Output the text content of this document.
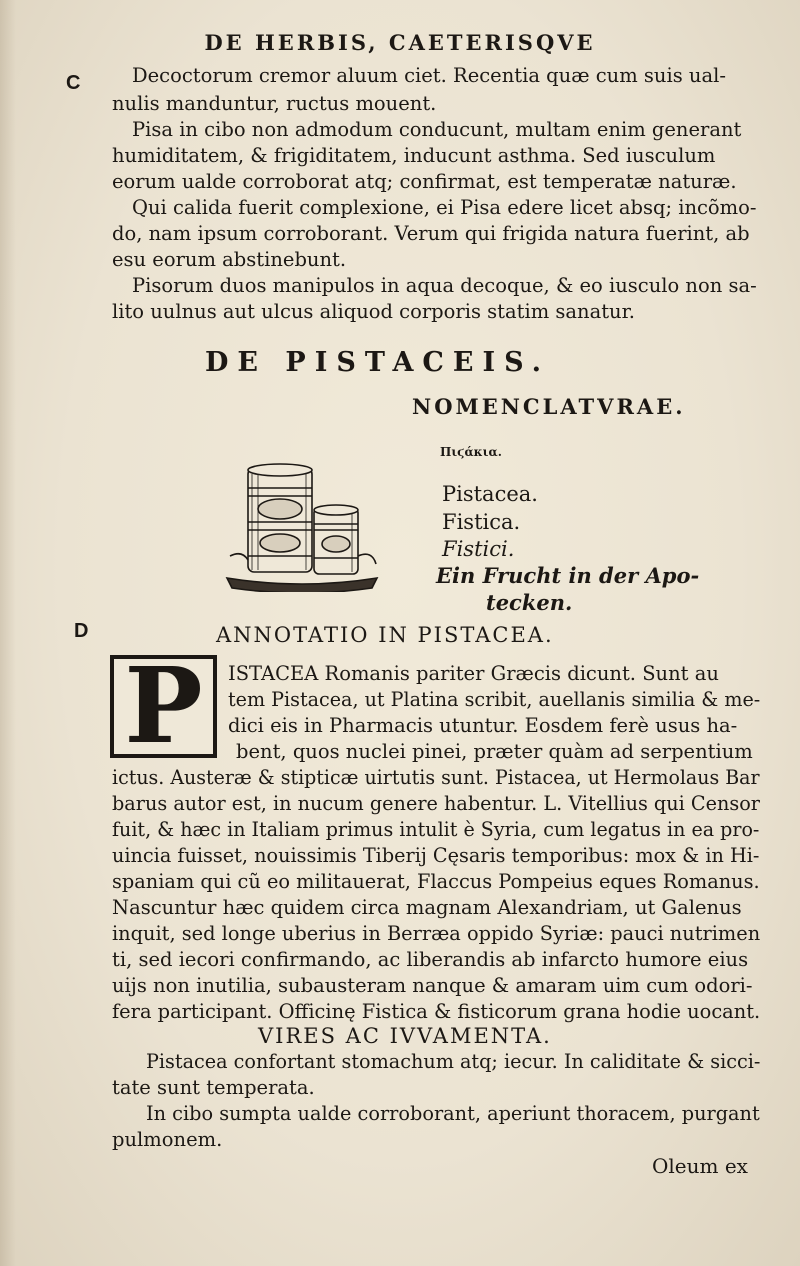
DE HERBIS, CAETERISQVE
C
D
Decoctorum cremor aluum ciet. Recentia quæ cum suis ual-
nulis manduntur, ructus mouent.
Pisa in cibo non admodum conducunt, multam enim generant
humiditatem, & frigiditatem, inducunt asthma. Sed iusculum
eorum ualde corroborat atq; confirmat, est temperatæ naturæ.
Qui calida fuerit complexione, ei Pisa edere licet absq; incõmo-
do, nam ipsum corroborant. Verum qui frigida natura fuerint, ab
esu eorum abstinebunt.
Pisorum duos manipulos in aqua decoque, & eo iusculo non sa-
lito uulnus aut ulcus aliquod corporis statim sanatur.
DE PISTACEIS.
NOMENCLATVRAE.
Πιϛάκια.
Pistacea.
Fistica.
Fistici.
Ein Frucht in der Apo-
tecken.
ANNOTATIO IN PISTACEA.
P	ISTACEA Romanis pariter Græcis dicunt. Sunt au
tem Pistacea, ut Platina scribit, auellanis similia & me-
dici eis in Pharmacis utuntur. Eosdem ferè usus ha-
bent, quos nuclei pinei, præter quàm ad serpentium
ictus. Austeræ & stipticæ uirtutis sunt. Pistacea, ut Hermolaus Bar
barus autor est, in nucum genere habentur. L. Vitellius qui Censor
fuit, & hæc in Italiam primus intulit è Syria, cum legatus in ea pro-
uincia fuisset, nouissimis Tiberij Cęsaris temporibus: mox & in Hi-
spaniam qui cũ eo militauerat, Flaccus Pompeius eques Romanus.
Nascuntur hæc quidem circa magnam Alexandriam, ut Galenus
inquit, sed longe uberius in Berræa oppido Syriæ: pauci nutrimen
ti, sed iecori confirmando, ac liberandis ab infarcto humore eius
uijs non inutilia, subausteram nanque & amaram uim cum odori-
fera participant. Officinę Fistica & fisticorum grana hodie uocant.
VIRES AC IVVAMENTA.
Pistacea confortant stomachum atq; iecur. In caliditate & sicci-
tate sunt temperata.
In cibo sumpta ualde corroborant, aperiunt thoracem, purgant
pulmonem.
Oleum ex
